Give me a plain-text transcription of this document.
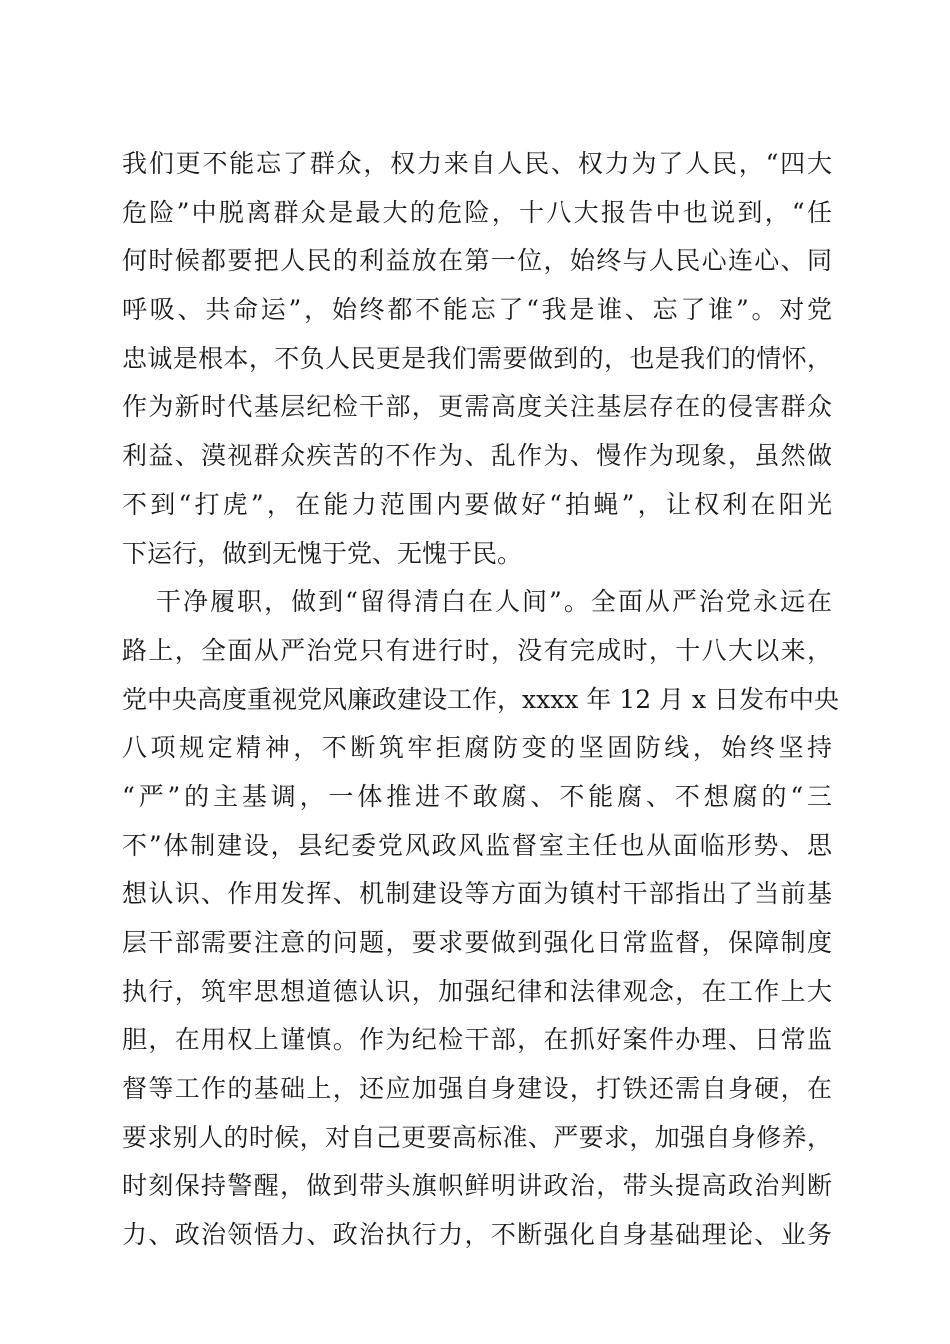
我们更不能忘了群众，权力来自人民、权力为了人民，“四大
危险”中脱离群众是最大的危险，十八大报告中也说到，“任
何时候都要把人民的利益放在第一位，始终与人民心连心、同
呼吸、共命运”，始终都不能忘了“我是谁、忘了谁”。对党
忠诚是根本，不负人民更是我们需要做到的，也是我们的情怀，
作为新时代基层纪检干部，更需高度关注基层存在的侵害群众
利益、漠视群众疾苦的不作为、乱作为、慢作为现象，虽然做
不到“打虎”，在能力范围内要做好“拍蝇”，让权利在阳光
下运行，做到无愧于党、无愧于民。
干净履职，做到“留得清白在人间”。全面从严治党永远在
路上，全面从严治党只有进行时，没有完成时，十八大以来，
党中央高度重视党风廉政建设工作，xxxx 年 12 月 x 日发布中央
八项规定精神，不断筑牢拒腐防变的坚固防线，始终坚持
“严”的主基调，一体推进不敢腐、不能腐、不想腐的“三
不”体制建设，县纪委党风政风监督室主任也从面临形势、思
想认识、作用发挥、机制建设等方面为镇村干部指出了当前基
层干部需要注意的问题，要求要做到强化日常监督，保障制度
执行，筑牢思想道德认识，加强纪律和法律观念，在工作上大
胆，在用权上谨慎。作为纪检干部，在抓好案件办理、日常监
督等工作的基础上，还应加强自身建设，打铁还需自身硬，在
要求别人的时候，对自己更要高标准、严要求，加强自身修养，
时刻保持警醒，做到带头旗帜鲜明讲政治，带头提高政治判断
力、政治领悟力、政治执行力，不断强化自身基础理论、业务
